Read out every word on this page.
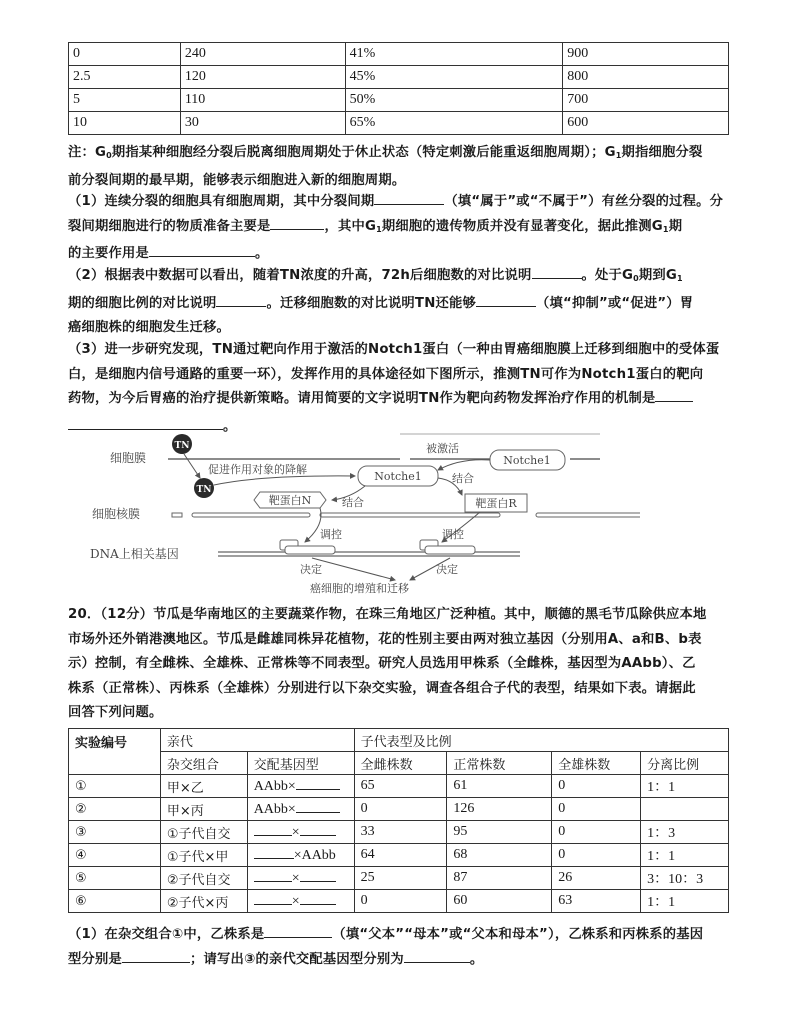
0	240	41%	900
2.5	120	45%	800
5	110	50%	700
10	30	65%	600
注：$G_0$期指某种细胞经分裂后脱离细胞周期处于休止状态（特定刺激后能重返细胞周期）；$G_1$期指细胞分裂
前分裂间期的最早期，能够表示细胞进入新的细胞周期。
（1）连续分裂的细胞具有细胞周期，其中分裂间期	（填“属于”或“不属于”）有丝分裂的过程。分
裂间期细胞进行的物质准备主要是	，其中$G_1$期细胞的遗传物质并没有显著变化，据此推测$G_1$期
的主要作用是	。
（2）根据表中数据可以看出，随着TN浓度的升高，72h后细胞数的对比说明	。处于$G_0$期到$G_1$
期的细胞比例的对比说明	。迁移细胞数的对比说明TN还能够	（填“抑制”或“促进”）胃
癌细胞株的细胞发生迁移。
（3）进一步研究发现，TN通过靶向作用于激活的Notch1蛋白（一种由胃癌细胞膜上迁移到细胞中的受体蛋
白，是细胞内信号通路的重要一环），发挥作用的具体途径如下图所示，推测TN可作为Notch1蛋白的靶向
药物，为今后胃癌的治疗提供新策略。请用简要的文字说明TN作为靶向药物发挥治疗作用的机制是
。
细胞膜
TN
TN
促进作用对象的降解
Notche1
Notche1
被激活
结合
结合
靶蛋白N	靶蛋白R
细胞核膜
调控	调控
DNA上相关基因
决定	决定
癌细胞的增殖和迁移
20．（12分）节瓜是华南地区的主要蔬菜作物，在珠三角地区广泛种植。其中，顺德的黑毛节瓜除供应本地
市场外还外销港澳地区。节瓜是雌雄同株异花植物，花的性别主要由两对独立基因（分别用A、a和B、b表
示）控制，有全雌株、全雄株、正常株等不同表型。研究人员选用甲株系（全雌株，基因型为AAbb）、乙
株系（正常株）、丙株系（全雄株）分别进行以下杂交实验，调查各组合子代的表型，结果如下表。请据此
回答下列问题。
实验编号	亲代		子代表型及比例			
	杂交组合	交配基因型	全雌株数	正常株数	全雄株数	分离比例
①	甲×乙	AAbb×	65	61	0	1：1
②	甲×丙	AAbb×	0	126	0	
③	①子代自交	×	33	95	0	1：3
④	①子代×甲	×AAbb	64	68	0	1：1
⑤	②子代自交	×	25	87	26	3：10：3
⑥	②子代×丙	×	0	60	63	1：1
（1）在杂交组合①中，乙株系是	（填“父本”“母本”或“父本和母本”），乙株系和丙株系的基因
型分别是	；请写出③的亲代交配基因型分别为	。
